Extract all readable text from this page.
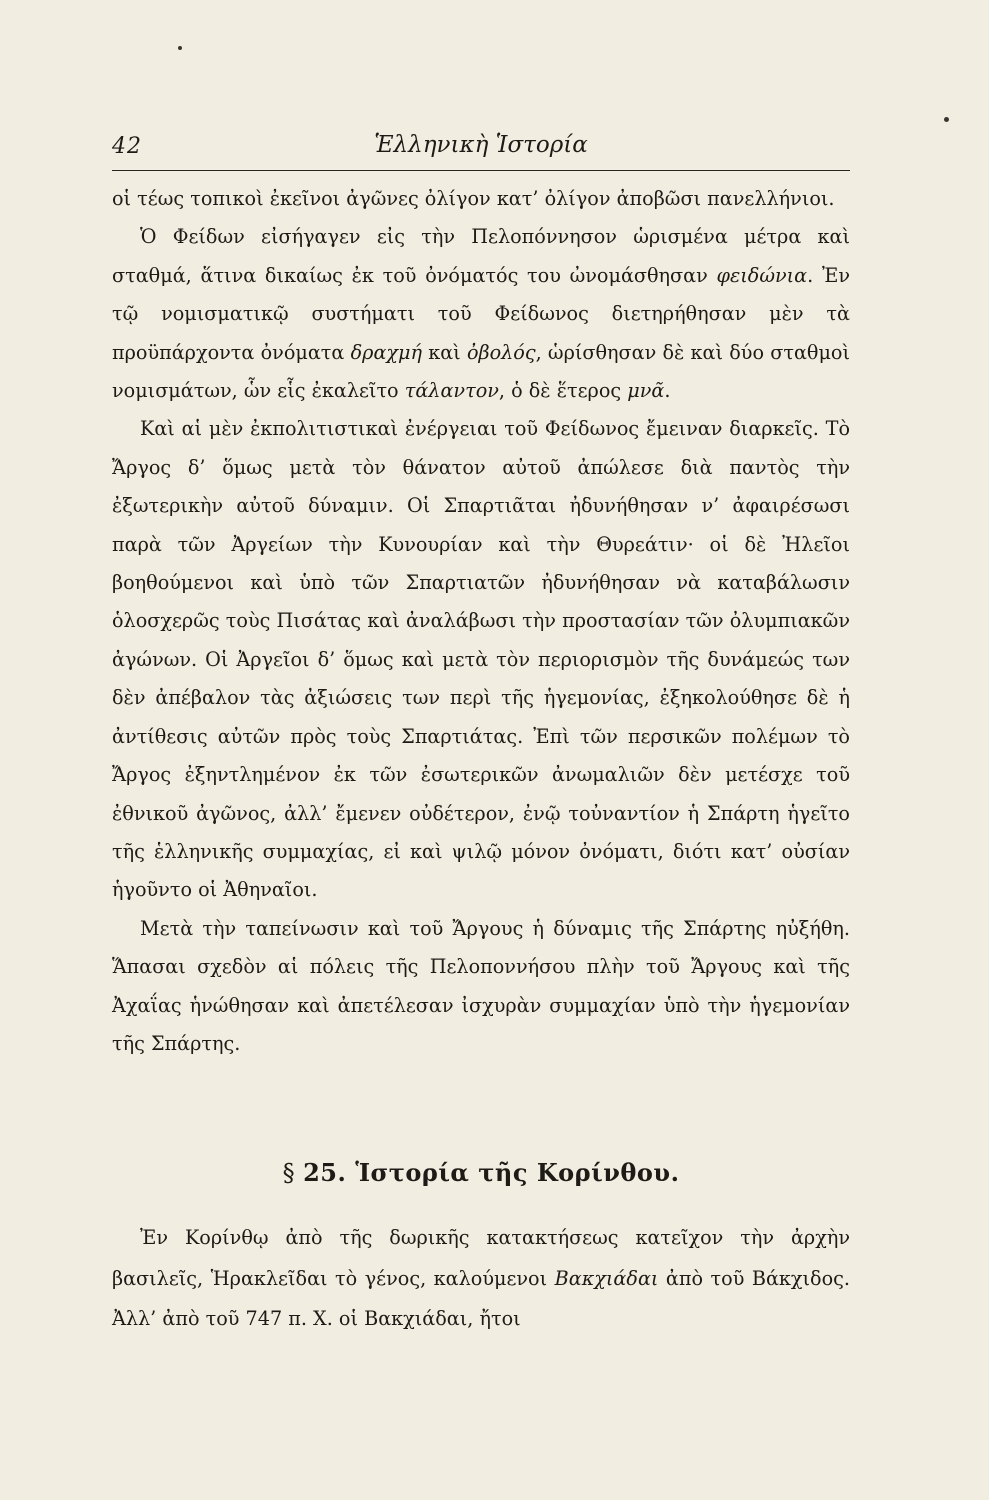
42	Ἑλληνικὴ Ἱστορία

οἱ τέως τοπικοὶ ἐκεῖνοι ἀγῶνες ὀλίγον κατ’ ὀλίγον ἀποβῶσι πανελλήνιοι.

Ὁ Φείδων εἰσήγαγεν εἰς τὴν Πελοπόννησον ὡρισμένα μέτρα καὶ σταθμά, ἅτινα δικαίως ἐκ τοῦ ὀνόματός του ὠνομάσθησαν φειδώνια. Ἐν τῷ νομισματικῷ συστήματι τοῦ Φείδωνος διετηρήθησαν μὲν τὰ προϋπάρχοντα ὀνόματα δραχμή καὶ ὀβολός, ὡρίσθησαν δὲ καὶ δύο σταθμοὶ νομισμάτων, ὧν εἷς ἐκαλεῖτο τάλαντον, ὁ δὲ ἕτερος μνᾶ.

Καὶ αἱ μὲν ἐκπολιτιστικαὶ ἐνέργειαι τοῦ Φείδωνος ἔμειναν διαρκεῖς. Τὸ Ἄργος δ’ ὅμως μετὰ τὸν θάνατον αὐτοῦ ἀπώλεσε διὰ παντὸς τὴν ἐξωτερικὴν αὐτοῦ δύναμιν. Οἱ Σπαρτιᾶται ἠδυνήθησαν ν’ ἀφαιρέσωσι παρὰ τῶν Ἀργείων τὴν Κυνουρίαν καὶ τὴν Θυρεάτιν· οἱ δὲ Ἠλεῖοι βοηθούμενοι καὶ ὑπὸ τῶν Σπαρτιατῶν ἠδυνήθησαν νὰ καταβάλωσιν ὁλοσχερῶς τοὺς Πισάτας καὶ ἀναλάβωσι τὴν προστασίαν τῶν ὀλυμπιακῶν ἀγώνων. Οἱ Ἀργεῖοι δ’ ὅμως καὶ μετὰ τὸν περιορισμὸν τῆς δυνάμεώς των δὲν ἀπέβαλον τὰς ἀξιώσεις των περὶ τῆς ἡγεμονίας, ἐξηκολούθησε δὲ ἡ ἀντίθεσις αὐτῶν πρὸς τοὺς Σπαρτιάτας. Ἐπὶ τῶν περσικῶν πολέμων τὸ Ἄργος ἐξηντλημένον ἐκ τῶν ἐσωτερικῶν ἀνωμαλιῶν δὲν μετέσχε τοῦ ἐθνικοῦ ἀγῶνος, ἀλλ’ ἔμενεν οὐδέτερον, ἐνῷ τοὐναντίον ἡ Σπάρτη ἡγεῖτο τῆς ἑλληνικῆς συμμαχίας, εἰ καὶ ψιλῷ μόνον ὀνόματι, διότι κατ’ οὐσίαν ἡγοῦντο οἱ Ἀθηναῖοι.

Μετὰ τὴν ταπείνωσιν καὶ τοῦ Ἄργους ἡ δύναμις τῆς Σπάρτης ηὐξήθη. Ἅπασαι σχεδὸν αἱ πόλεις τῆς Πελοποννήσου πλὴν τοῦ Ἄργους καὶ τῆς Ἀχαΐας ἡνώθησαν καὶ ἀπετέλεσαν ἰσχυρὰν συμμαχίαν ὑπὸ τὴν ἡγεμονίαν τῆς Σπάρτης.

§ 25. Ἱστορία τῆς Κορίνθου.

Ἐν Κορίνθῳ ἀπὸ τῆς δωρικῆς κατακτήσεως κατεῖχον τὴν ἀρχὴν βασιλεῖς, Ἡρακλεῖδαι τὸ γένος, καλούμενοι Βακχιάδαι ἀπὸ τοῦ Βάκχιδος. Ἀλλ’ ἀπὸ τοῦ 747 π. Χ. οἱ Βακχιάδαι, ἤτοι
